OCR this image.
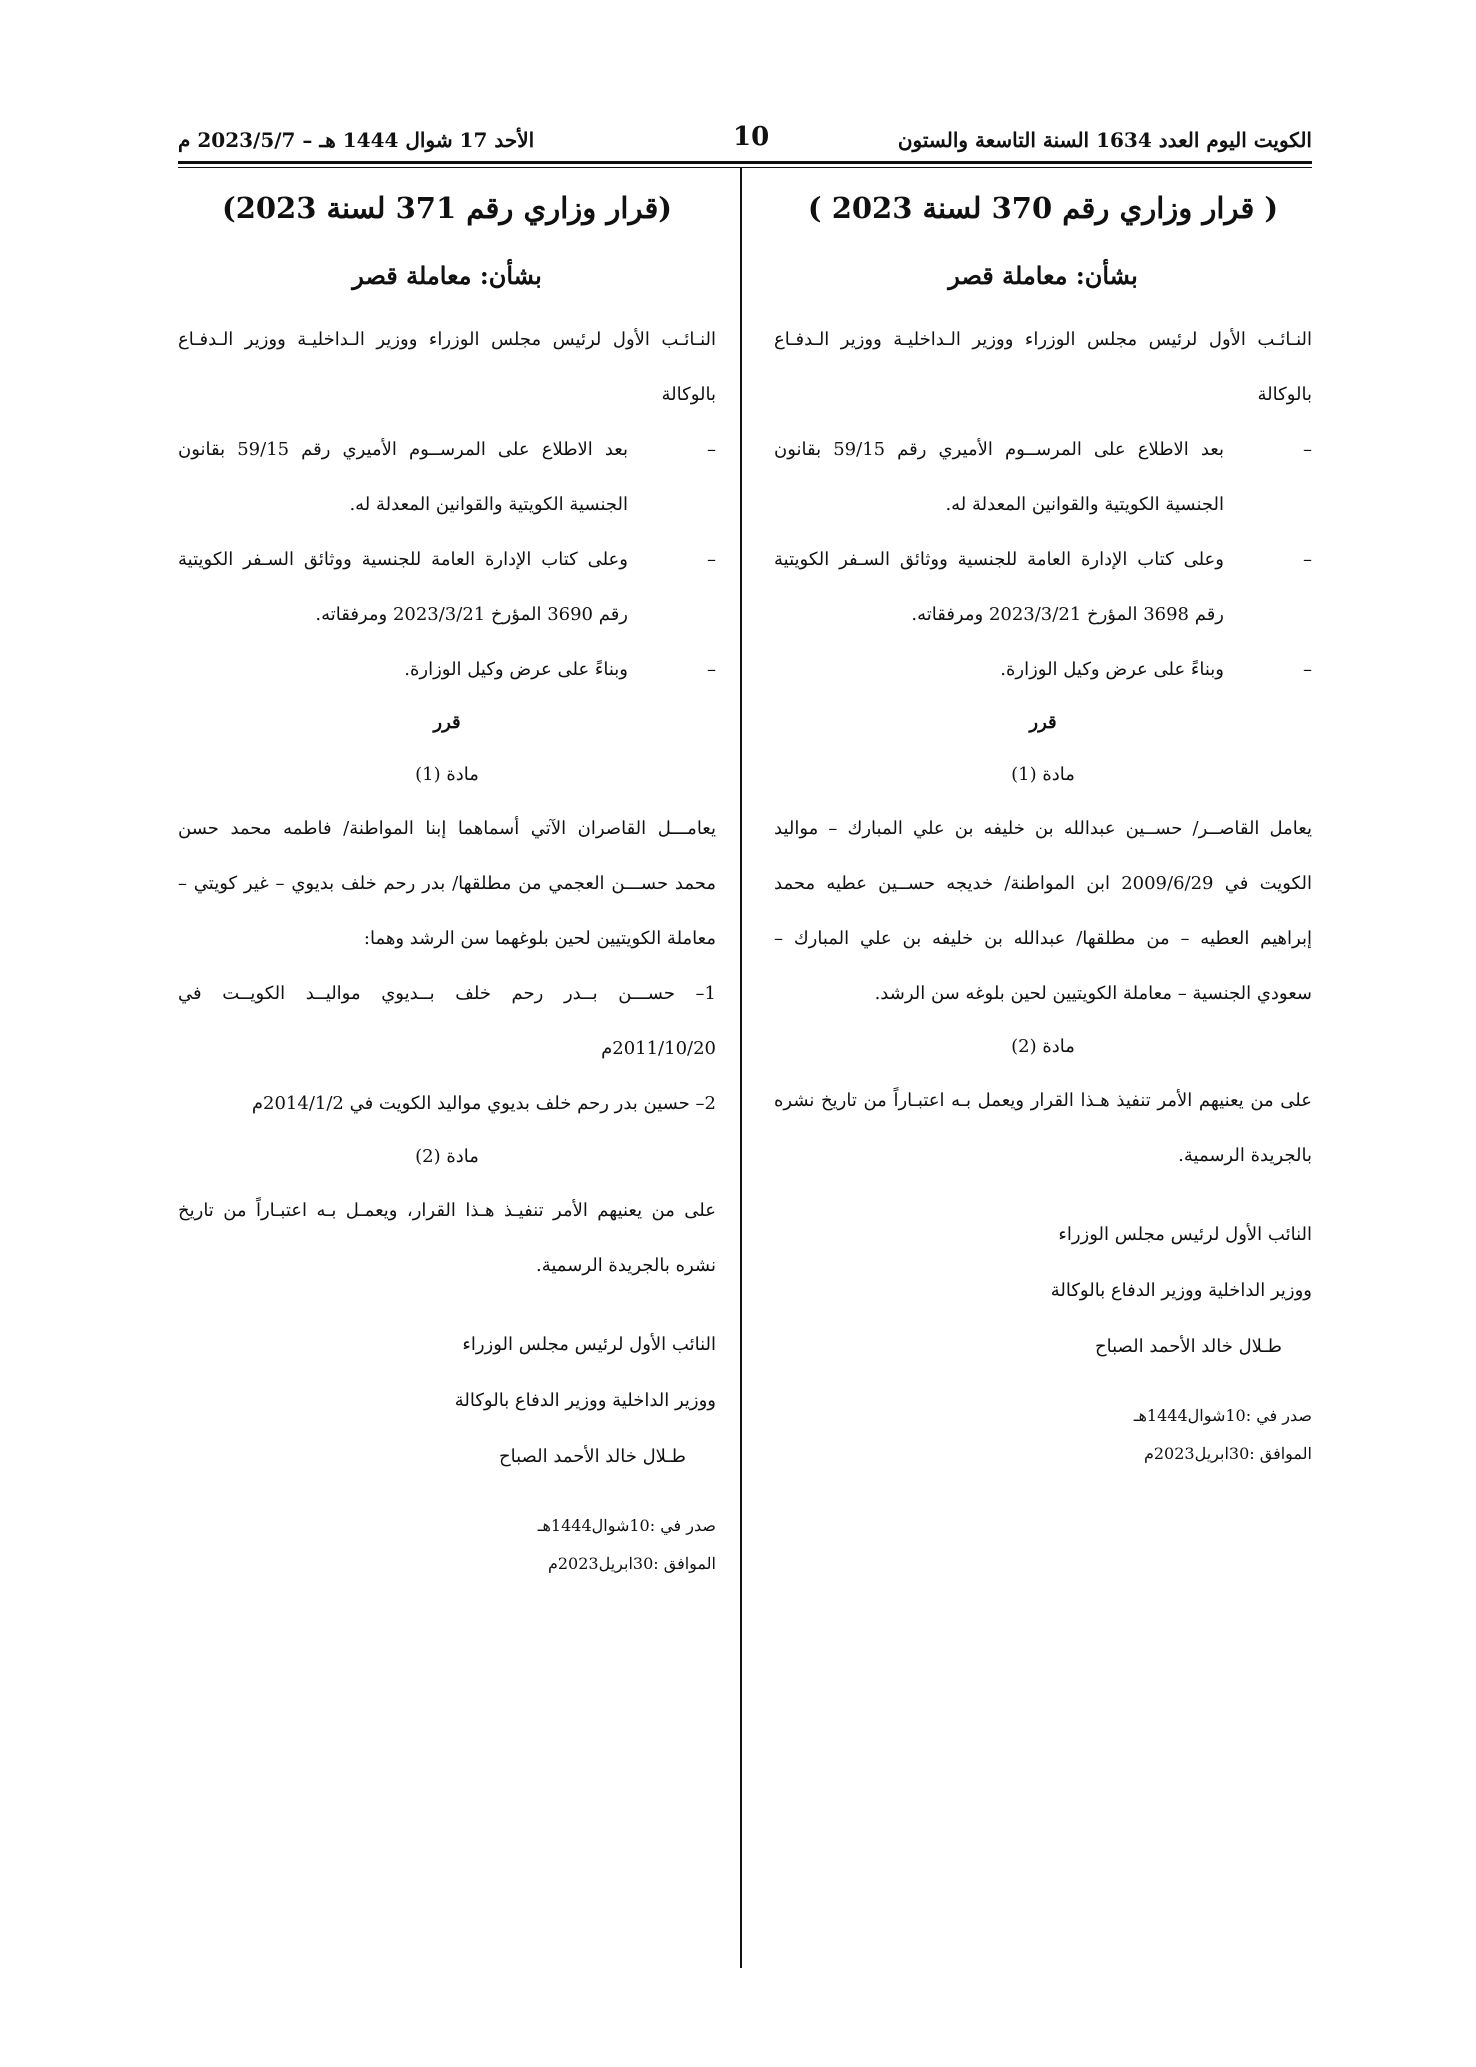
الكويت اليوم العدد 1634 السنة التاسعة والستون
10
الأحد 17 شوال 1444 هـ – 2023/5/7 م
( قرار وزاري رقم 370 لسنة 2023 )
بشأن: معاملة قصر

النـائـب الأول لرئيس مجلس الوزراء ووزير الـداخليـة ووزير الـدفـاع بالوكالة

–
بعد الاطلاع على المرســوم الأميري رقم 59/15 بقانون الجنسية الكويتية والقوانين المعدلة له.

–
وعلى كتاب الإدارة العامة للجنسية ووثائق السـفر الكويتية رقم 3698 المؤرخ 2023/3/21 ومرفقاته.

–
وبناءً على عرض وكيل الوزارة.

قرر

مادة (1)

يعامل القاصــر/ حســين عبدالله بن خليفه بن علي المبارك – مواليد الكويت في 2009/6/29 ابن المواطنة/ خديجه حســين عطيه محمد إبراهيم العطيه – من مطلقها/ عبدالله بن خليفه بن علي المبارك – سعودي الجنسية – معاملة الكويتيين لحين بلوغه سن الرشد.

مادة (2)

على من يعنيهم الأمر تنفيذ هـذا القرار ويعمل بـه اعتبـاراً من تاريخ نشره بالجريدة الرسمية.

النائب الأول لرئيس مجلس الوزراء
ووزير الداخلية ووزير الدفاع بالوكالة
طـلال خالد الأحمد الصباح
صدر في :10شوال1444هـ
الموافق :30ابريل2023م
(قرار وزاري رقم 371 لسنة 2023)
بشأن: معاملة قصر

النـائـب الأول لرئيس مجلس الوزراء ووزير الـداخليـة ووزير الـدفـاع بالوكالة

–
بعد الاطلاع على المرســوم الأميري رقم 59/15 بقانون الجنسية الكويتية والقوانين المعدلة له.

–
وعلى كتاب الإدارة العامة للجنسية ووثائق السـفر الكويتية رقم 3690 المؤرخ 2023/3/21 ومرفقاته.

–
وبناءً على عرض وكيل الوزارة.

قرر

مادة (1)

يعامـــل القاصران الآتي أسماهما إبنا المواطنة/ فاطمه محمد حسن محمد حســـن العجمي من مطلقها/ بدر رحم خلف بديوي – غير كويتي – معاملة الكويتيين لحين بلوغهما سن الرشد وهما:

1– حســـن بــدر رحم خلف بــديوي مواليــد الكويــت في 2011/10/20م

2– حسين بدر رحم خلف بديوي مواليد الكويت في 2014/1/2م

مادة (2)

على من يعنيهم الأمر تنفيـذ هـذا القرار، ويعمـل بـه اعتبـاراً من تاريخ نشره بالجريدة الرسمية.

النائب الأول لرئيس مجلس الوزراء
ووزير الداخلية ووزير الدفاع بالوكالة
طـلال خالد الأحمد الصباح
صدر في :10شوال1444هـ
الموافق :30ابريل2023م
